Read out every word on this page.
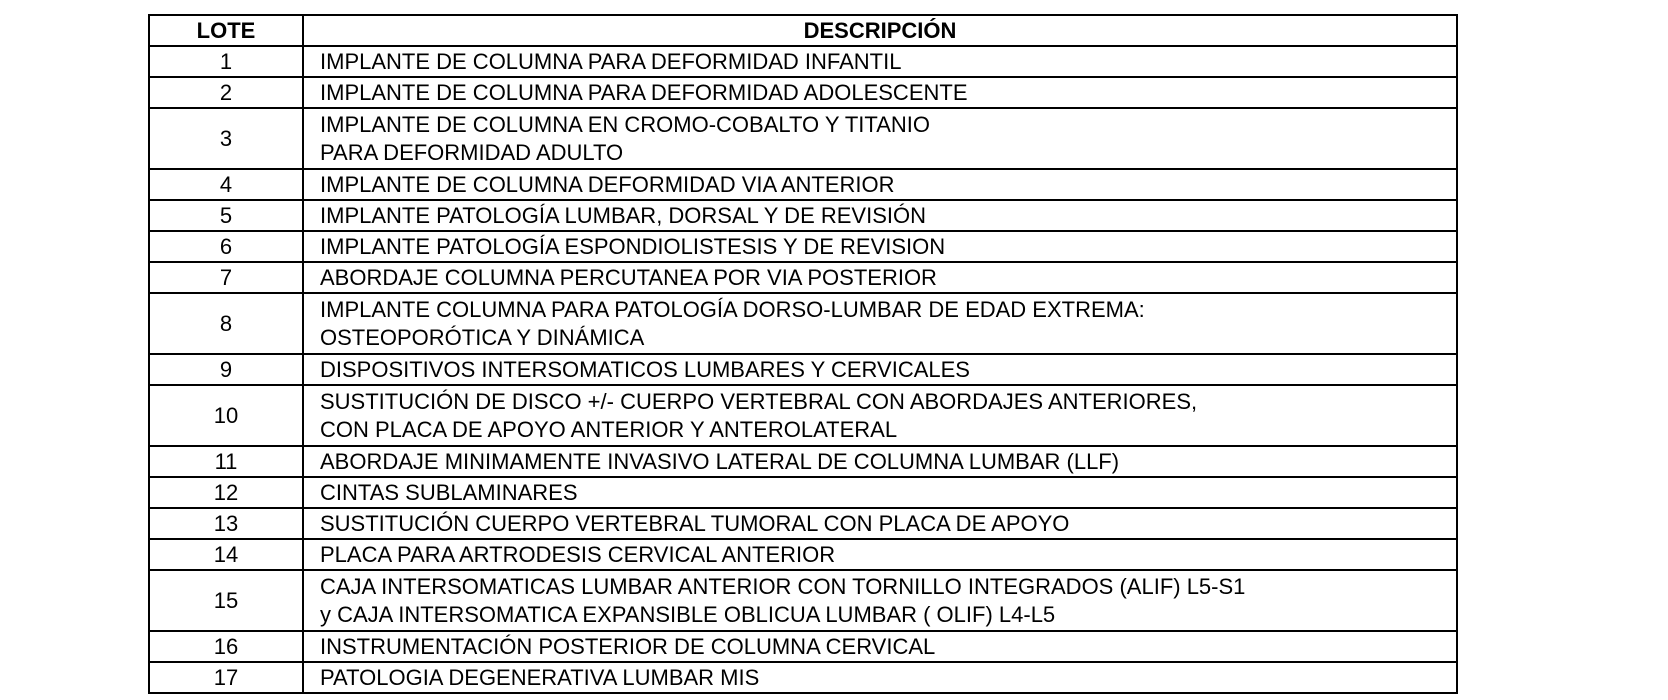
LOTE	DESCRIPCIÓN
1	IMPLANTE DE COLUMNA PARA DEFORMIDAD INFANTIL

2	IMPLANTE DE COLUMNA PARA DEFORMIDAD ADOLESCENTE

3	IMPLANTE DE COLUMNA EN CROMO-COBALTO Y TITANIO
PARA DEFORMIDAD ADULTO

4	IMPLANTE DE COLUMNA DEFORMIDAD VIA ANTERIOR

5	IMPLANTE PATOLOGÍA LUMBAR, DORSAL Y DE REVISIÓN

6	IMPLANTE PATOLOGÍA ESPONDIOLISTESIS Y DE REVISION

7	ABORDAJE COLUMNA PERCUTANEA POR VIA POSTERIOR

8	IMPLANTE COLUMNA PARA PATOLOGÍA DORSO-LUMBAR DE EDAD EXTREMA:
OSTEOPORÓTICA Y DINÁMICA

9	DISPOSITIVOS INTERSOMATICOS LUMBARES Y CERVICALES

10	SUSTITUCIÓN DE DISCO +/- CUERPO VERTEBRAL CON ABORDAJES ANTERIORES,
CON PLACA DE APOYO ANTERIOR Y ANTEROLATERAL

11	ABORDAJE MINIMAMENTE INVASIVO LATERAL DE COLUMNA LUMBAR (LLF)

12	CINTAS SUBLAMINARES

13	SUSTITUCIÓN CUERPO VERTEBRAL TUMORAL CON PLACA DE APOYO

14	PLACA PARA ARTRODESIS CERVICAL ANTERIOR

15	CAJA INTERSOMATICAS LUMBAR ANTERIOR CON TORNILLO INTEGRADOS (ALIF) L5-S1
y CAJA INTERSOMATICA EXPANSIBLE OBLICUA LUMBAR ( OLIF) L4-L5

16	INSTRUMENTACIÓN POSTERIOR DE COLUMNA CERVICAL

17	PATOLOGIA DEGENERATIVA LUMBAR MIS
